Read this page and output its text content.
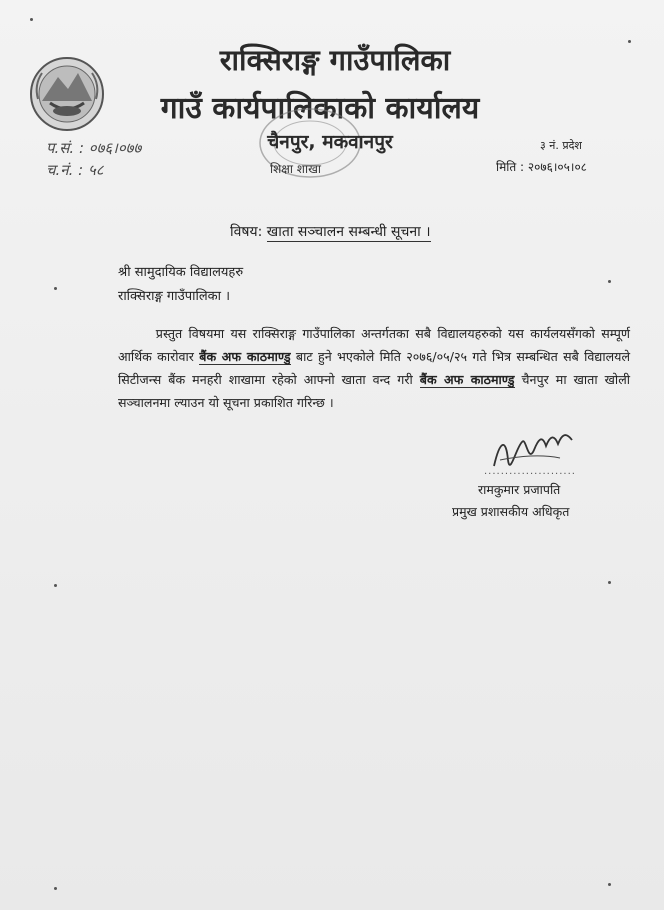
राक्सिराङ्ग गाउँपालिका
गाउँ कार्यपालिकाको कार्यालय
चैनपुर, मकवानपुर
शिक्षा शाखा
प.सं. : ०७६।०७७
च.नं. : ५८
३ नं. प्रदेश
मिति : २०७६।०५।०८
विषय: खाता सञ्चालन सम्बन्धी सूचना ।
श्री सामुदायिक विद्यालयहरु
राक्सिराङ्ग गाउँपालिका ।
   प्रस्तुत विषयमा यस राक्सिराङ्ग गाउँपालिका अन्तर्गतका सबै विद्यालयहरुको यस कार्यलयसँगको सम्पूर्ण आर्थिक कारोवार बैंक अफ काठमाण्डु बाट हुने भएकोले मिति २०७६/०५/२५ गते भित्र सम्बन्धित सबै विद्यालयले सिटीजन्स बैंक मनहरी शाखामा रहेको आफ्नो खाता वन्द गरी बैंक अफ काठमाण्डु चैनपुर मा खाता खोली सञ्चालनमा ल्याउन यो सूचना प्रकाशित गरिन्छ ।
......................
रामकुमार प्रजापति
प्रमुख प्रशासकीय अधिकृत
